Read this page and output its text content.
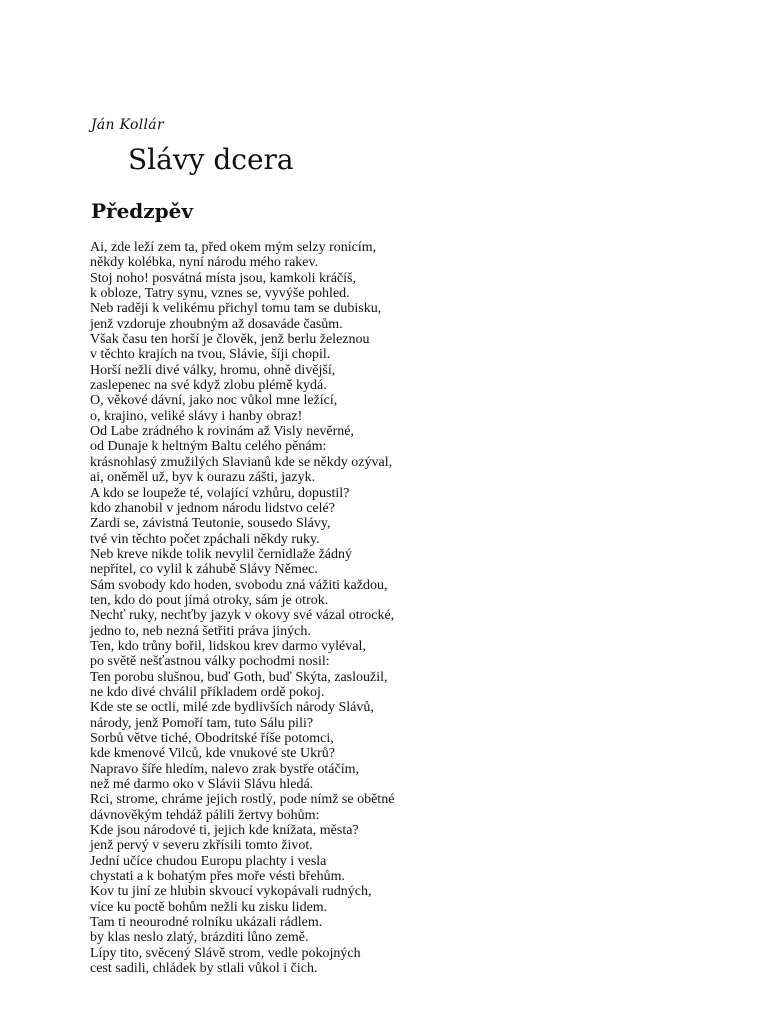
Ján Kollár
Slávy dcera
Předzpěv
Ai, zde leží zem ta, před okem mým selzy ronícím,
někdy kolébka, nyní národu mého rakev.
Stoj noho! posvátná místa jsou, kamkoli kráčíš,
k obloze, Tatry synu, vznes se, vyvýše pohled.
Neb raději k velikému přichyl tomu tam se dubisku,
jenž vzdoruje zhoubným až dosaváde časům.
Však času ten horší je člověk, jenž berlu železnou
v těchto krajích na tvou, Slávie, šíji chopil.
Horší nežli divé války, hromu, ohně divější,
zaslepenec na své když zlobu plémě kydá.
O, věkové dávní, jako noc vůkol mne ležící,
o, krajino, veliké slávy i hanby obraz!
Od Labe zrádného k rovinám až Visly nevěrné,
od Dunaje k heltným Baltu celého pěnám:
krásnohlasý zmužilých Slavianů kde se někdy ozýval,
ai, oněměl už, byv k ourazu zášti, jazyk.
A kdo se loupeže té, volající vzhůru, dopustil?
kdo zhanobil v jednom národu lidstvo celé?
Zardi se, závistná Teutonie, sousedo Slávy,
tvé vin těchto počet zpáchali někdy ruky.
Neb kreve nikde tolik nevylil černidlaže žádný
nepřítel, co vylil k záhubě Slávy Němec.
Sám svobody kdo hoden, svobodu zná vážiti každou,
ten, kdo do pout jímá otroky, sám je otrok.
Nechť ruky, nechťby jazyk v okovy své vázal otrocké,
jedno to, neb nezná šetřiti práva jiných.
Ten, kdo trůny bořil, lidskou krev darmo vyléval,
po světě nešťastnou války pochodmi nosil:
Ten porobu slušnou, buď Goth, buď Skýta, zasloužil,
ne kdo divé chválil příkladem ordě pokoj.
Kde ste se octli, milé zde bydlivších národy Slávů,
národy, jenž Pomoří tam, tuto Sálu pili?
Sorbů větve tiché, Obodritské říše potomci,
kde kmenové Vilců, kde vnukové ste Ukrů?
Napravo šíře hledím, nalevo zrak bystře otáčím,
než mé darmo oko v Slávii Slávu hledá.
Rci, strome, chráme jejich rostlý, pode nímž se obětné
dávnověkým tehdáž pálili žertvy bohům:
Kde jsou národové ti, jejich kde knížata, města?
jenž perv​ý v severu zkřísili tomto život.
Jední učíce chudou Europu plachty i vesla
chystati a k bohatým přes moře vésti břehům.
Kov tu jiní ze hlubin skvoucí vykopávali rudných,
více ku poctě bohům nežli ku zisku lidem.
Tam ti neourodné rolníku ukázali rádlem.
by klas neslo zlatý, brázditi lůno země.
Lípy tito, svěcený Slávě strom, vedle pokojných
cest sadili, chládek by stlali vůkol i čich.
